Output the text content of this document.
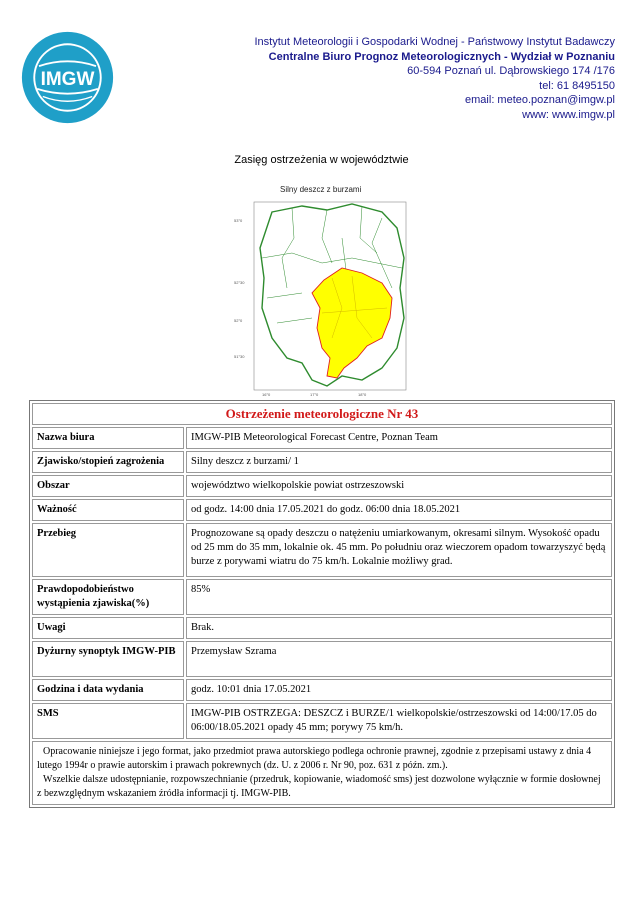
IMGW
Instytut Meteorologii i Gospodarki Wodnej - Państwowy Instytut Badawczy
Centralne Biuro Prognoz Meteorologicznych - Wydział w Poznaniu
60-594 Poznań ul. Dąbrowskiego 174 /176
tel: 61 8495150
email: meteo.poznan@imgw.pl
www: www.imgw.pl
Zasięg ostrzeżenia w województwie
Silny deszcz z burzami
53°0
52°30
52°0
51°30
16°0	17°0	18°0
Ostrzeżenie meteorologiczne Nr 43	
Nazwa biura	IMGW-PIB Meteorological Forecast Centre, Poznan Team
Zjawisko/stopień zagrożenia	Silny deszcz z burzami/ 1
Obszar	województwo wielkopolskie powiat ostrzeszowski
Ważność	od godz. 14:00 dnia 17.05.2021 do godz. 06:00 dnia 18.05.2021
Przebieg	Prognozowane są opady deszczu o natężeniu umiarkowanym, okresami silnym. Wysokość opadu od 25 mm do 35 mm, lokalnie ok. 45 mm. Po południu oraz wieczorem opadom towarzyszyć będą burze z porywami wiatru do 75 km/h. Lokalnie możliwy grad.
Prawdopodobieństwo wystąpienia zjawiska(%)	85%
Uwagi	Brak.
Dyżurny synoptyk IMGW-PIB	Przemysław Szrama
Godzina i data wydania	godz. 10:01 dnia 17.05.2021
SMS	IMGW-PIB OSTRZEGA: DESZCZ i BURZE/1 wielkopolskie/ostrzeszowski od 14:00/17.05 do 06:00/18.05.2021 opady 45 mm; porywy 75 km/h.

Opracowanie niniejsze i jego format, jako przedmiot prawa autorskiego podlega ochronie prawnej, zgodnie z przepisami ustawy z dnia 4 lutego 1994r o prawie autorskim i prawach pokrewnych (dz. U. z 2006 r. Nr 90, poz. 631 z późn. zm.).
Wszelkie dalsze udostępnianie, rozpowszechnianie (przedruk, kopiowanie, wiadomość sms) jest dozwolone wyłącznie w formie dosłownej z bezwzględnym wskazaniem źródła informacji tj. IMGW-PIB.	
